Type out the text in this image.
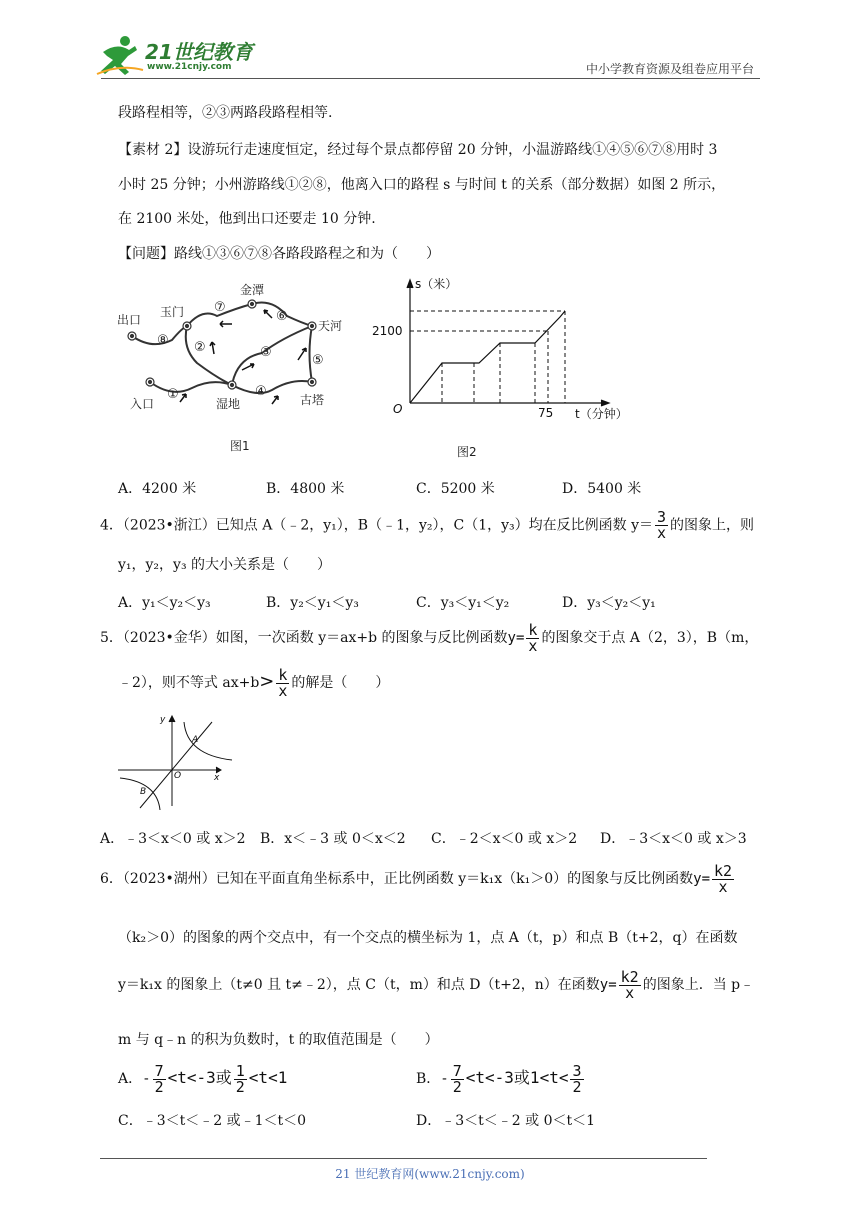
21世纪教育
www.21cnjy.com	中小学教育资源及组卷应用平台
段路程相等，②③两路段路程相等.
【素材 2】设游玩行走速度恒定，经过每个景点都停留 20 分钟，小温游路线①④⑤⑥⑦⑧用时 3
小时 25 分钟；小州游路线①②⑧，他离入口的路程 s 与时间 t 的关系（部分数据）如图 2 所示，
在 2100 米处，他到出口还要走 10 分钟.
【问题】路线①③⑥⑦⑧各路段路程之和为（　　）
出口
玉门
金潭
天河
入口	湿地	古塔
①
②	③
④
⑤
⑥
⑦
⑧
图1
s（米）
2100
75 t（分钟）
O
图2
A．4200 米	B．4800 米	C．5200 米	D．5400 米
4．（2023•浙江）已知点 A（﹣2，y₁），B（﹣1，y₂），C（1，y₃）均在反比例函数 $y= \frac{3}{x}$ 的图象上，则
y₁，y₂，y₃ 的大小关系是（　　）
A．y₁＜y₂＜y₃	B．y₂＜y₁＜y₃	C．y₃＜y₁＜y₂	D．y₃＜y₂＜y₁
5．（2023•金华）如图，一次函数 y＝ax+b 的图象与反比例函数$y= \frac{k}{x}$ 的图象交于点 A（2，3），B（m，
﹣2），则不等式 $ax+b> \frac{k}{x}$ 的解是（　　）
y
x
O
A
B
A．﹣3＜x＜0 或 x＞2 B．x＜﹣3 或 0＜x＜2 C．﹣2＜x＜0 或 x＞2 D．﹣3＜x＜0 或 x＞3
6．（2023•湖州）已知在平面直角坐标系中，正比例函数 y＝k₁x（k₁＞0）的图象与反比例函数$y= \frac{k2}{x}$
（k₂＞0）的图象的两个交点中，有一个交点的横坐标为 1，点 A（t，p）和点 B（t+2，q）在函数
y＝k₁x 的图象上（t≠0 且 t≠﹣2），点 C（t，m）和点 D（t+2，n）在函数$y= \frac{k2}{x}$ 的图象上．当 p﹣
m 与 q﹣n 的积为负数时，t 的取值范围是（　　）
A．- $\frac{7}{2} <t<-3$或 $\frac{1}{2} <t<1$	B．- $\frac{7}{2} <t<-3$或$1<t< \frac{3}{2}$
C．﹣3＜t＜﹣2 或﹣1＜t＜0	D．﹣3＜t＜﹣2 或 0＜t＜1
21 世纪教育网(www.21cnjy.com)
